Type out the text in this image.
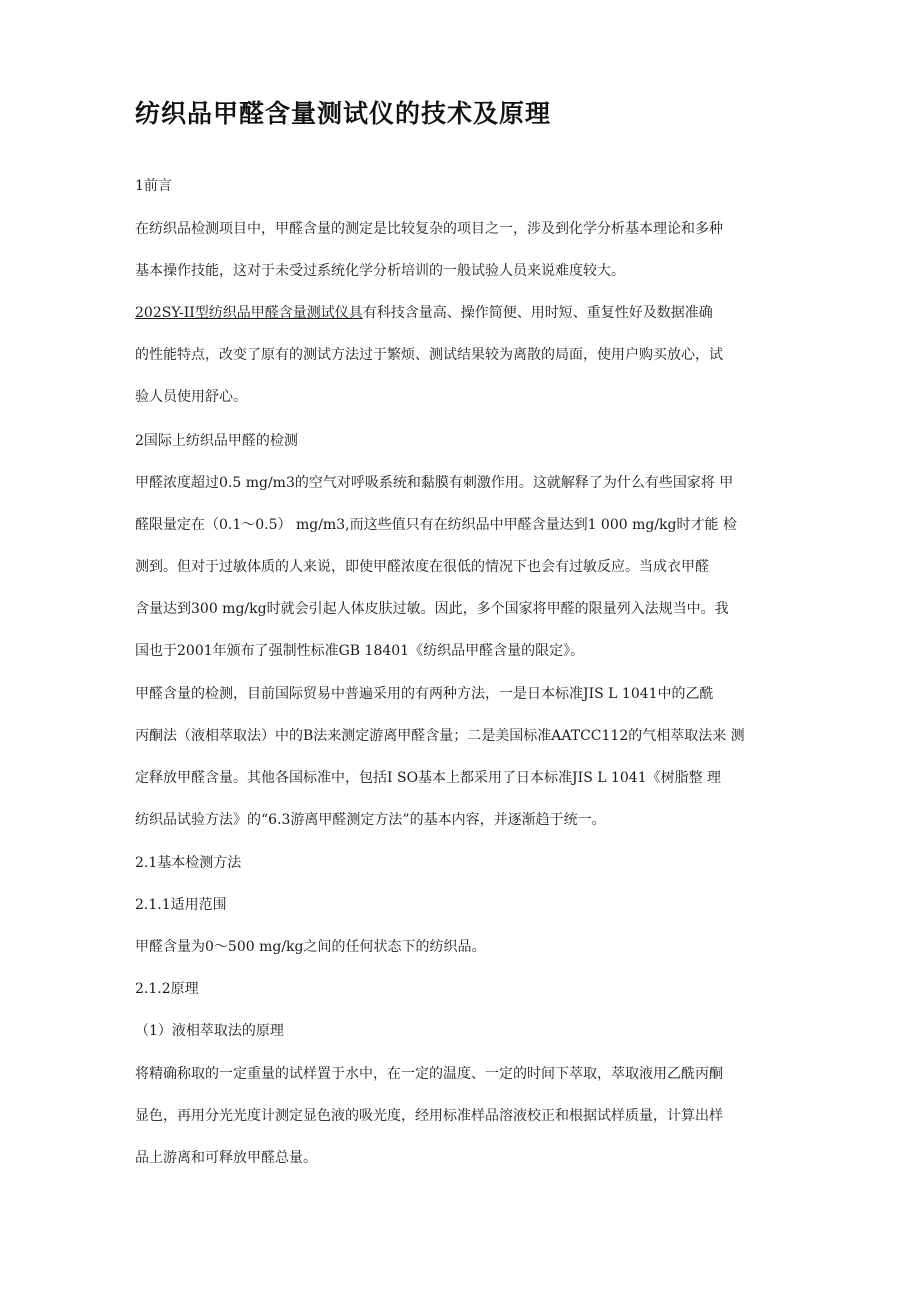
纺织品甲醛含量测试仪的技术及原理
1前言
在纺织品检测项目中，甲醛含量的测定是比较复杂的项目之一，涉及到化学分析基本理论和多种
基本操作技能，这对于未受过系统化学分析培训的一般试验人员来说难度较大。
202SY-II型纺织品甲醛含量测试仪具有科技含量高、操作简便、用时短、重复性好及数据准确
的性能特点，改变了原有的测试方法过于繁烦、测试结果较为离散的局面，使用户购买放心，试
验人员使用舒心。
2国际上纺织品甲醛的检测
甲醛浓度超过0.5 mg/m3的空气对呼吸系统和黏膜有刺激作用。这就解释了为什么有些国家将 甲
醛限量定在（0.1～0.5） mg/m3,而这些值只有在纺织品中甲醛含量达到1 000 mg/kg时才能 检
测到。但对于过敏体质的人来说，即使甲醛浓度在很低的情况下也会有过敏反应。当成衣甲醛
含量达到300 mg/kg时就会引起人体皮肤过敏。因此，多个国家将甲醛的限量列入法规当中。我
国也于2001年颁布了强制性标准GB 18401《纺织品甲醛含量的限定》。
甲醛含量的检测，目前国际贸易中普遍采用的有两种方法，一是日本标准JIS L 1041中的乙酰
丙酮法（液相萃取法）中的B法来测定游离甲醛含量；二是美国标准AATCC112的气相萃取法来 测
定释放甲醛含量。其他各国标准中，包括I SO基本上都采用了日本标准JIS L 1041《树脂整 理
纺织品试验方法》的“6.3游离甲醛测定方法”的基本内容，并逐渐趋于统一。
2.1基本检测方法
2.1.1适用范围
甲醛含量为0～500 mg/kg之间的任何状态下的纺织品。
2.1.2原理
（1）液相萃取法的原理
将精确称取的一定重量的试样置于水中，在一定的温度、一定的时间下萃取，萃取液用乙酰丙酮
显色，再用分光光度计测定显色液的吸光度，经用标准样品溶液校正和根据试样质量，计算出样
品上游离和可释放甲醛总量。
